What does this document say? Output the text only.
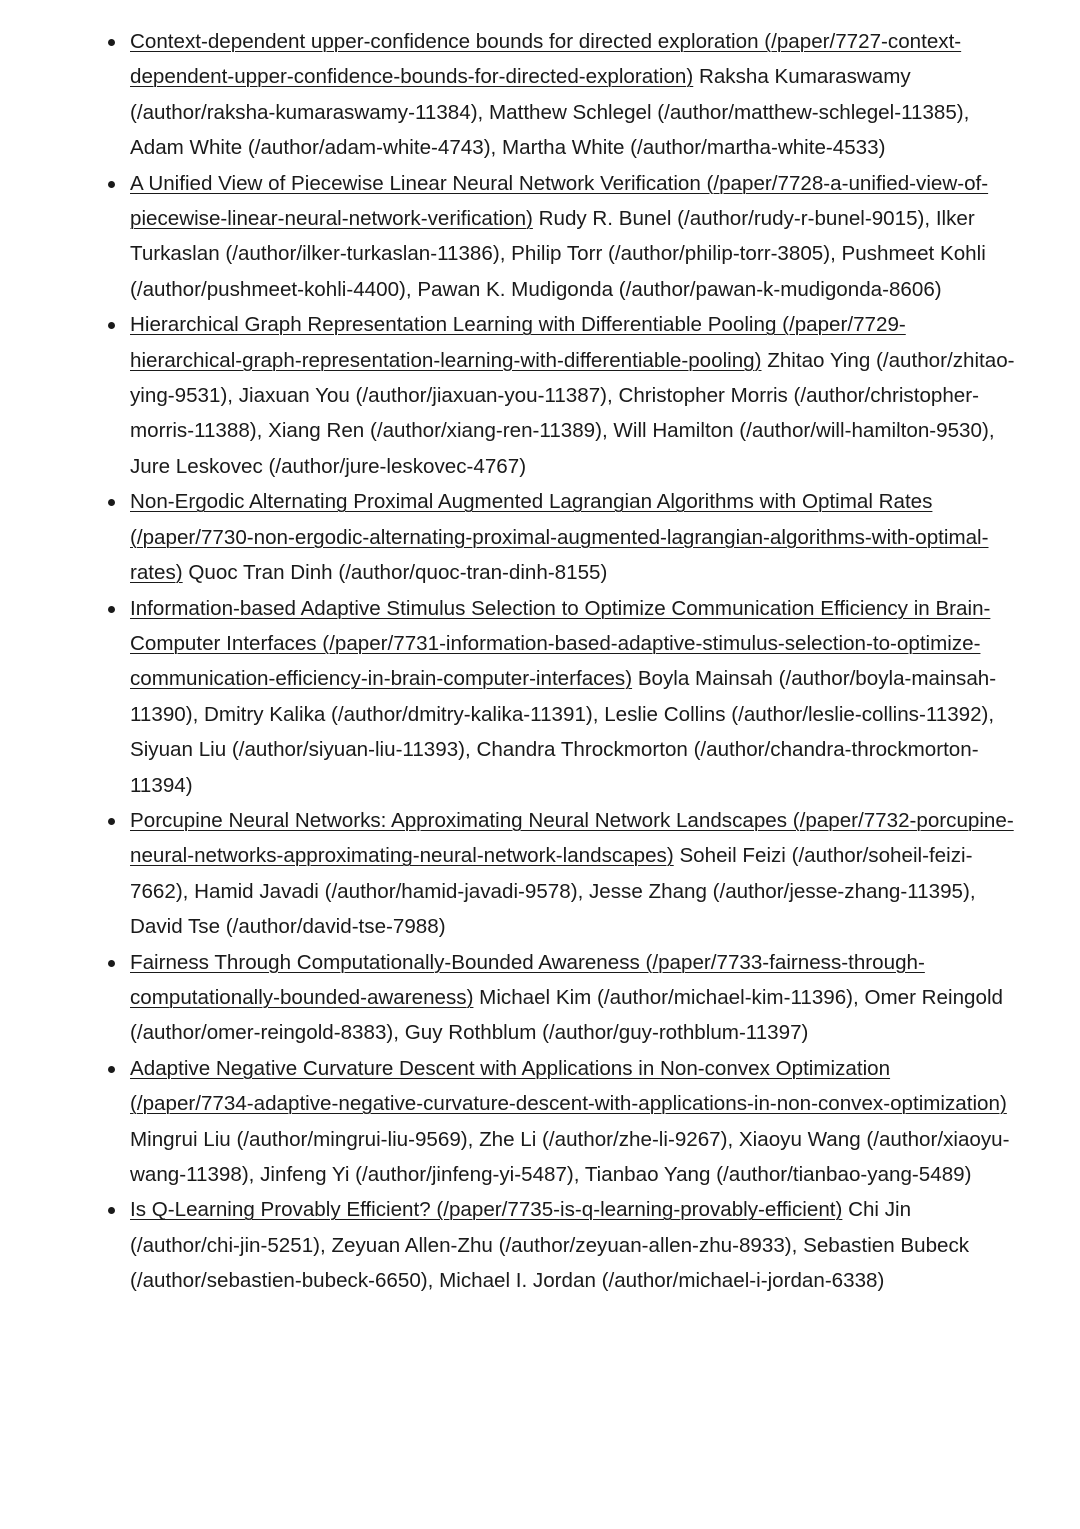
Context-dependent upper-confidence bounds for directed exploration (/paper/7727-context-dependent-upper-confidence-bounds-for-directed-exploration) Raksha Kumaraswamy (/author/raksha-kumaraswamy-11384), Matthew Schlegel (/author/matthew-schlegel-11385), Adam White (/author/adam-white-4743), Martha White (/author/martha-white-4533)
A Unified View of Piecewise Linear Neural Network Verification (/paper/7728-a-unified-view-of-piecewise-linear-neural-network-verification) Rudy R. Bunel (/author/rudy-r-bunel-9015), Ilker Turkaslan (/author/ilker-turkaslan-11386), Philip Torr (/author/philip-torr-3805), Pushmeet Kohli (/author/pushmeet-kohli-4400), Pawan K. Mudigonda (/author/pawan-k-mudigonda-8606)
Hierarchical Graph Representation Learning with Differentiable Pooling (/paper/7729-hierarchical-graph-representation-learning-with-differentiable-pooling) Zhitao Ying (/author/zhitao-ying-9531), Jiaxuan You (/author/jiaxuan-you-11387), Christopher Morris (/author/christopher-morris-11388), Xiang Ren (/author/xiang-ren-11389), Will Hamilton (/author/will-hamilton-9530), Jure Leskovec (/author/jure-leskovec-4767)
Non-Ergodic Alternating Proximal Augmented Lagrangian Algorithms with Optimal Rates (/paper/7730-non-ergodic-alternating-proximal-augmented-lagrangian-algorithms-with-optimal-rates) Quoc Tran Dinh (/author/quoc-tran-dinh-8155)
Information-based Adaptive Stimulus Selection to Optimize Communication Efficiency in Brain-Computer Interfaces (/paper/7731-information-based-adaptive-stimulus-selection-to-optimize-communication-efficiency-in-brain-computer-interfaces) Boyla Mainsah (/author/boyla-mainsah-11390), Dmitry Kalika (/author/dmitry-kalika-11391), Leslie Collins (/author/leslie-collins-11392), Siyuan Liu (/author/siyuan-liu-11393), Chandra Throckmorton (/author/chandra-throckmorton-11394)
Porcupine Neural Networks: Approximating Neural Network Landscapes (/paper/7732-porcupine-neural-networks-approximating-neural-network-landscapes) Soheil Feizi (/author/soheil-feizi-7662), Hamid Javadi (/author/hamid-javadi-9578), Jesse Zhang (/author/jesse-zhang-11395), David Tse (/author/david-tse-7988)
Fairness Through Computationally-Bounded Awareness (/paper/7733-fairness-through-computationally-bounded-awareness) Michael Kim (/author/michael-kim-11396), Omer Reingold (/author/omer-reingold-8383), Guy Rothblum (/author/guy-rothblum-11397)
Adaptive Negative Curvature Descent with Applications in Non-convex Optimization (/paper/7734-adaptive-negative-curvature-descent-with-applications-in-non-convex-optimization) Mingrui Liu (/author/mingrui-liu-9569), Zhe Li (/author/zhe-li-9267), Xiaoyu Wang (/author/xiaoyu-wang-11398), Jinfeng Yi (/author/jinfeng-yi-5487), Tianbao Yang (/author/tianbao-yang-5489)
Is Q-Learning Provably Efficient? (/paper/7735-is-q-learning-provably-efficient) Chi Jin (/author/chi-jin-5251), Zeyuan Allen-Zhu (/author/zeyuan-allen-zhu-8933), Sebastien Bubeck (/author/sebastien-bubeck-6650), Michael I. Jordan (/author/michael-i-jordan-6338)
